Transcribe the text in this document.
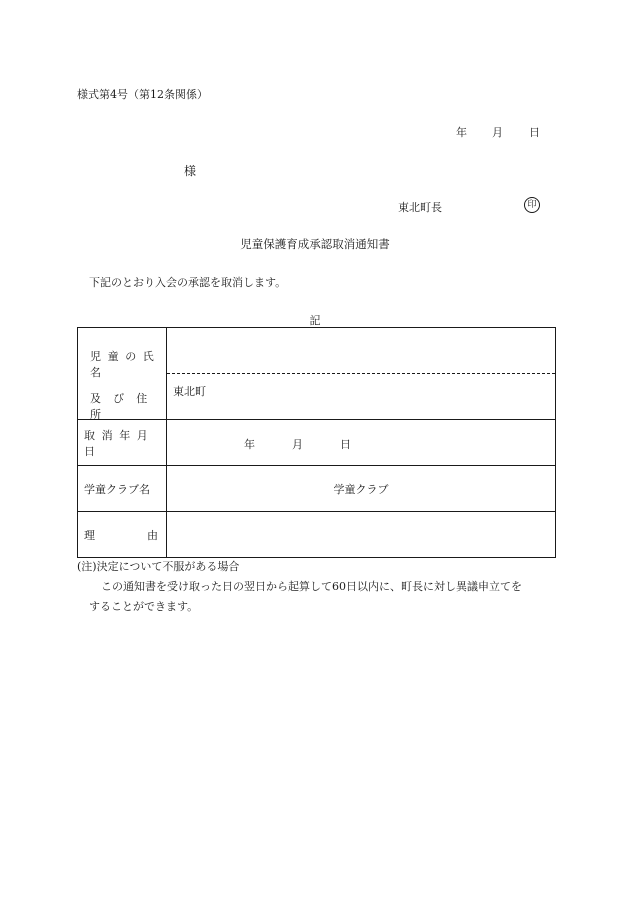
様式第4号（第12条関係）
年 月 日
様
東北町長	印
児童保護育成承認取消通知書
下記のとおり入会の承認を取消します。
記
児童の氏名
及び住所	東北町

取消年月日	年 月 日

学童クラブ名	学童クラブ

理 由	

(注)決定について不服がある場合
この通知書を受け取った日の翌日から起算して60日以内に、町長に対し異議申立てを
することができます。
